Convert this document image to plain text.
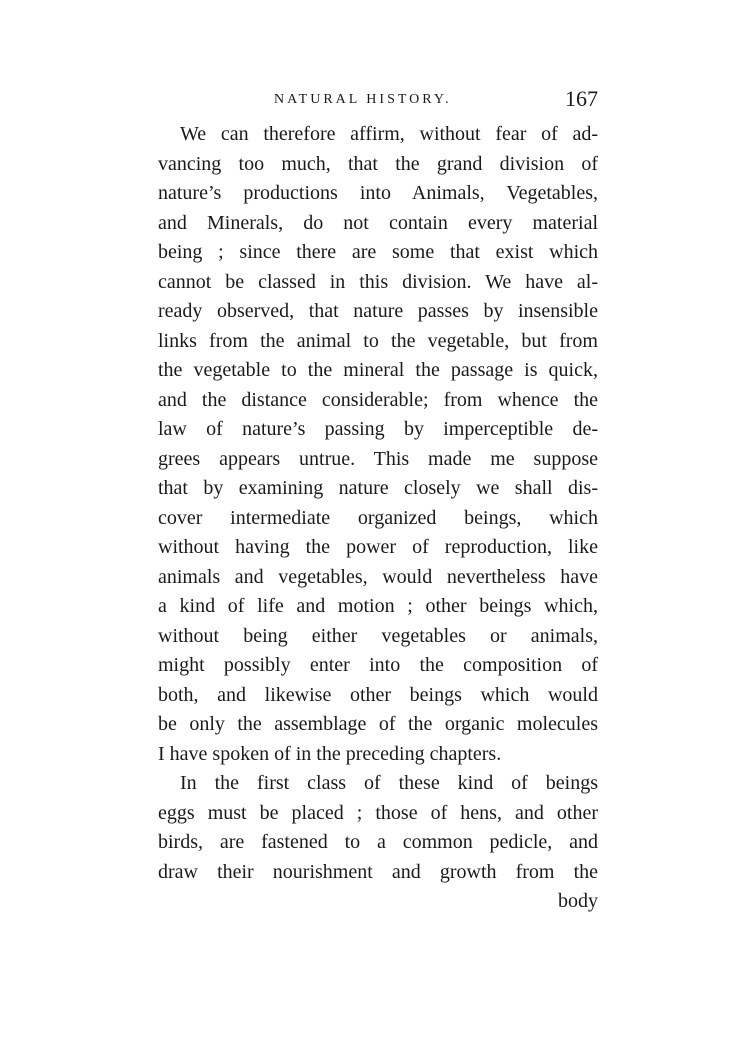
NATURAL HISTORY.	167
We can therefore affirm, without fear of ad-
vancing too much, that the grand division of
nature’s productions into Animals, Vegetables,
and Minerals, do not contain every material
being ; since there are some that exist which
cannot be classed in this division. We have al-
ready observed, that nature passes by insensible
links from the animal to the vegetable, but from
the vegetable to the mineral the passage is quick,
and the distance considerable; from whence the
law of nature’s passing by imperceptible de-
grees appears untrue. This made me suppose
that by examining nature closely we shall dis-
cover intermediate organized beings, which
without having the power of reproduction, like
animals and vegetables, would nevertheless have
a kind of life and motion ; other beings which,
without being either vegetables or animals,
might possibly enter into the composition of
both, and likewise other beings which would
be only the assemblage of the organic molecules
I have spoken of in the preceding chapters.
In the first class of these kind of beings
eggs must be placed ; those of hens, and other
birds, are fastened to a common pedicle, and
draw their nourishment and growth from the
body
